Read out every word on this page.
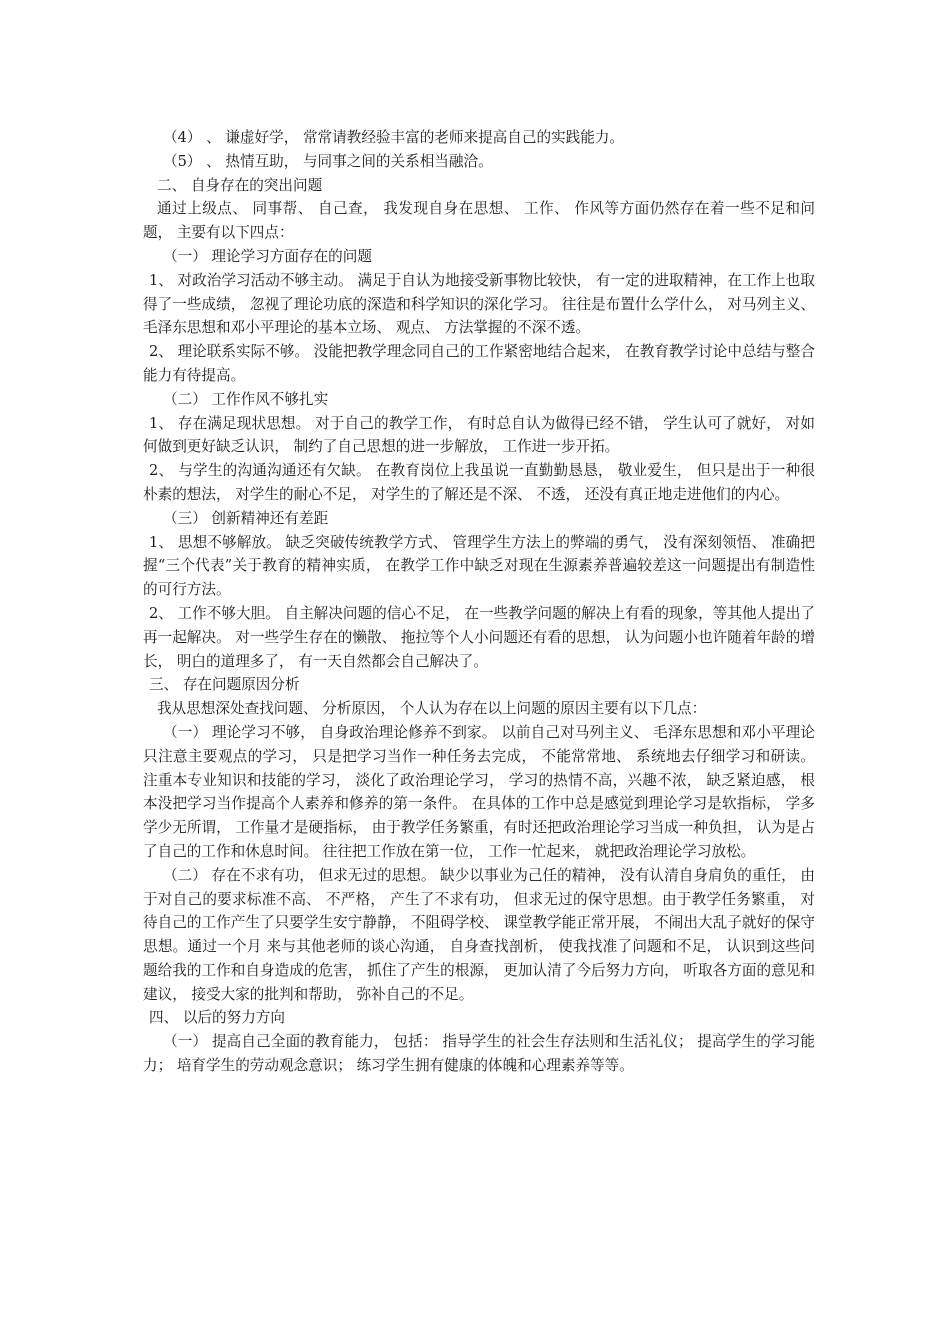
（4） 、 谦虚好学， 常常请教经验丰富的老师来提高自己的实践能力。

（5） 、 热情互助， 与同事之间的关系相当融洽。

二、 自身存在的突出问题

通过上级点、 同事帮、 自己查， 我发现自身在思想、 工作、 作风等方面仍然存在着一些不足和问题， 主要有以下四点：

（一） 理论学习方面存在的问题

1、 对政治学习活动不够主动。 满足于自认为地接受新事物比较快， 有一定的进取精神，在工作上也取得了一些成绩， 忽视了理论功底的深造和科学知识的深化学习。 往往是布置什么学什么， 对马列主义、 毛泽东思想和邓小平理论的基本立场、 观点、 方法掌握的不深不透。

2、 理论联系实际不够。 没能把教学理念同自己的工作紧密地结合起来， 在教育教学讨论中总结与整合能力有待提高。

（二） 工作作风不够扎实

1、 存在满足现状思想。 对于自己的教学工作， 有时总自认为做得已经不错， 学生认可了就好， 对如何做到更好缺乏认识， 制约了自己思想的进一步解放， 工作进一步开拓。

2、 与学生的沟通沟通还有欠缺。 在教育岗位上我虽说一直勤勤恳恳， 敬业爱生， 但只是出于一种很朴素的想法， 对学生的耐心不足， 对学生的了解还是不深、 不透， 还没有真正地走进他们的内心。

（三） 创新精神还有差距

1、 思想不够解放。 缺乏突破传统教学方式、 管理学生方法上的弊端的勇气， 没有深刻领悟、 准确把握“三个代表”关于教育的精神实质， 在教学工作中缺乏对现在生源素养普遍较差这一问题提出有制造性的可行方法。

2、 工作不够大胆。 自主解决问题的信心不足， 在一些教学问题的解决上有看的现象，等其他人提出了再一起解决。 对一些学生存在的懒散、 拖拉等个人小问题还有看的思想， 认为问题小也许随着年龄的增长， 明白的道理多了， 有一天自然都会自己解决了。

三、 存在问题原因分析

我从思想深处查找问题、 分析原因， 个人认为存在以上问题的原因主要有以下几点：

（一） 理论学习不够， 自身政治理论修养不到家。 以前自己对马列主义、 毛泽东思想和邓小平理论只注意主要观点的学习， 只是把学习当作一种任务去完成， 不能常常地、 系统地去仔细学习和研读。 注重本专业知识和技能的学习， 淡化了政治理论学习， 学习的热情不高，兴趣不浓， 缺乏紧迫感， 根本没把学习当作提高个人素养和修养的第一条件。 在具体的工作中总是感觉到理论学习是软指标， 学多学少无所谓， 工作量才是硬指标， 由于教学任务繁重，有时还把政治理论学习当成一种负担， 认为是占了自己的工作和休息时间。 往往把工作放在第一位， 工作一忙起来， 就把政治理论学习放松。

（二） 存在不求有功， 但求无过的思想。 缺少以事业为己任的精神， 没有认清自身肩负的重任， 由于对自己的要求标准不高、 不严格， 产生了不求有功， 但求无过的保守思想。由于教学任务繁重， 对待自己的工作产生了只要学生安宁静静， 不阻碍学校、 课堂教学能正常开展， 不闹出大乱子就好的保守思想。通过一个月 来与其他老师的谈心沟通， 自身查找剖析， 使我找准了问题和不足， 认识到这些问题给我的工作和自身造成的危害， 抓住了产生的根源， 更加认清了今后努力方向， 听取各方面的意见和建议， 接受大家的批判和帮助， 弥补自己的不足。

四、 以后的努力方向

（一） 提高自己全面的教育能力， 包括： 指导学生的社会生存法则和生活礼仪； 提高学生的学习能力； 培育学生的劳动观念意识； 练习学生拥有健康的体魄和心理素养等等。
